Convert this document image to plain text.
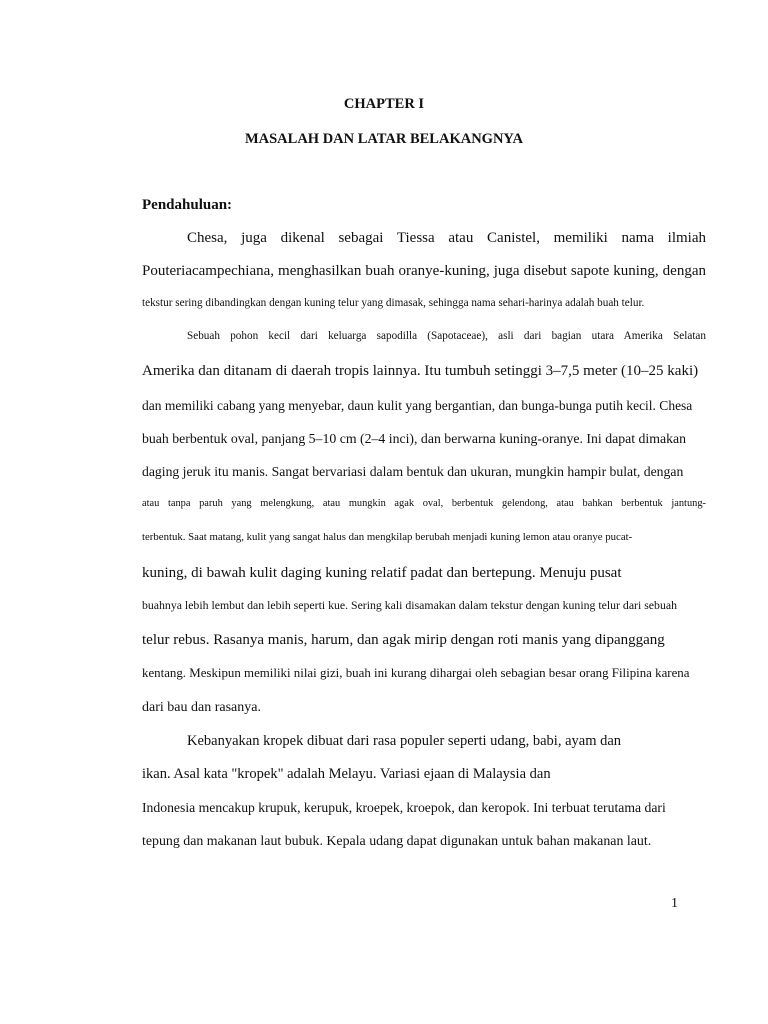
CHAPTER I
MASALAH DAN LATAR BELAKANGNYA
Pendahuluan:
Chesa, juga dikenal sebagai Tiessa atau Canistel, memiliki nama ilmiah
Pouteriacampechiana, menghasilkan buah oranye-kuning, juga disebut sapote kuning, dengan
tekstur sering dibandingkan dengan kuning telur yang dimasak, sehingga nama sehari-harinya adalah buah telur.
Sebuah pohon kecil dari keluarga sapodilla (Sapotaceae), asli dari bagian utara Amerika Selatan
Amerika dan ditanam di daerah tropis lainnya. Itu tumbuh setinggi 3–7,5 meter (10–25 kaki)
dan memiliki cabang yang menyebar, daun kulit yang bergantian, dan bunga-bunga putih kecil. Chesa
buah berbentuk oval, panjang 5–10 cm (2–4 inci), dan berwarna kuning-oranye. Ini dapat dimakan
daging jeruk itu manis. Sangat bervariasi dalam bentuk dan ukuran, mungkin hampir bulat, dengan
atau tanpa paruh yang melengkung, atau mungkin agak oval, berbentuk gelendong, atau bahkan berbentuk jantung-
terbentuk. Saat matang, kulit yang sangat halus dan mengkilap berubah menjadi kuning lemon atau oranye pucat-
kuning, di bawah kulit daging kuning relatif padat dan bertepung. Menuju pusat
buahnya lebih lembut dan lebih seperti kue. Sering kali disamakan dalam tekstur dengan kuning telur dari sebuah
telur rebus. Rasanya manis, harum, dan agak mirip dengan roti manis yang dipanggang
kentang. Meskipun memiliki nilai gizi, buah ini kurang dihargai oleh sebagian besar orang Filipina karena
dari bau dan rasanya.
Kebanyakan kropek dibuat dari rasa populer seperti udang, babi, ayam dan
ikan. Asal kata "kropek" adalah Melayu. Variasi ejaan di Malaysia dan
Indonesia mencakup krupuk, kerupuk, kroepek, kroepok, dan keropok. Ini terbuat terutama dari
tepung dan makanan laut bubuk. Kepala udang dapat digunakan untuk bahan makanan laut.
1
